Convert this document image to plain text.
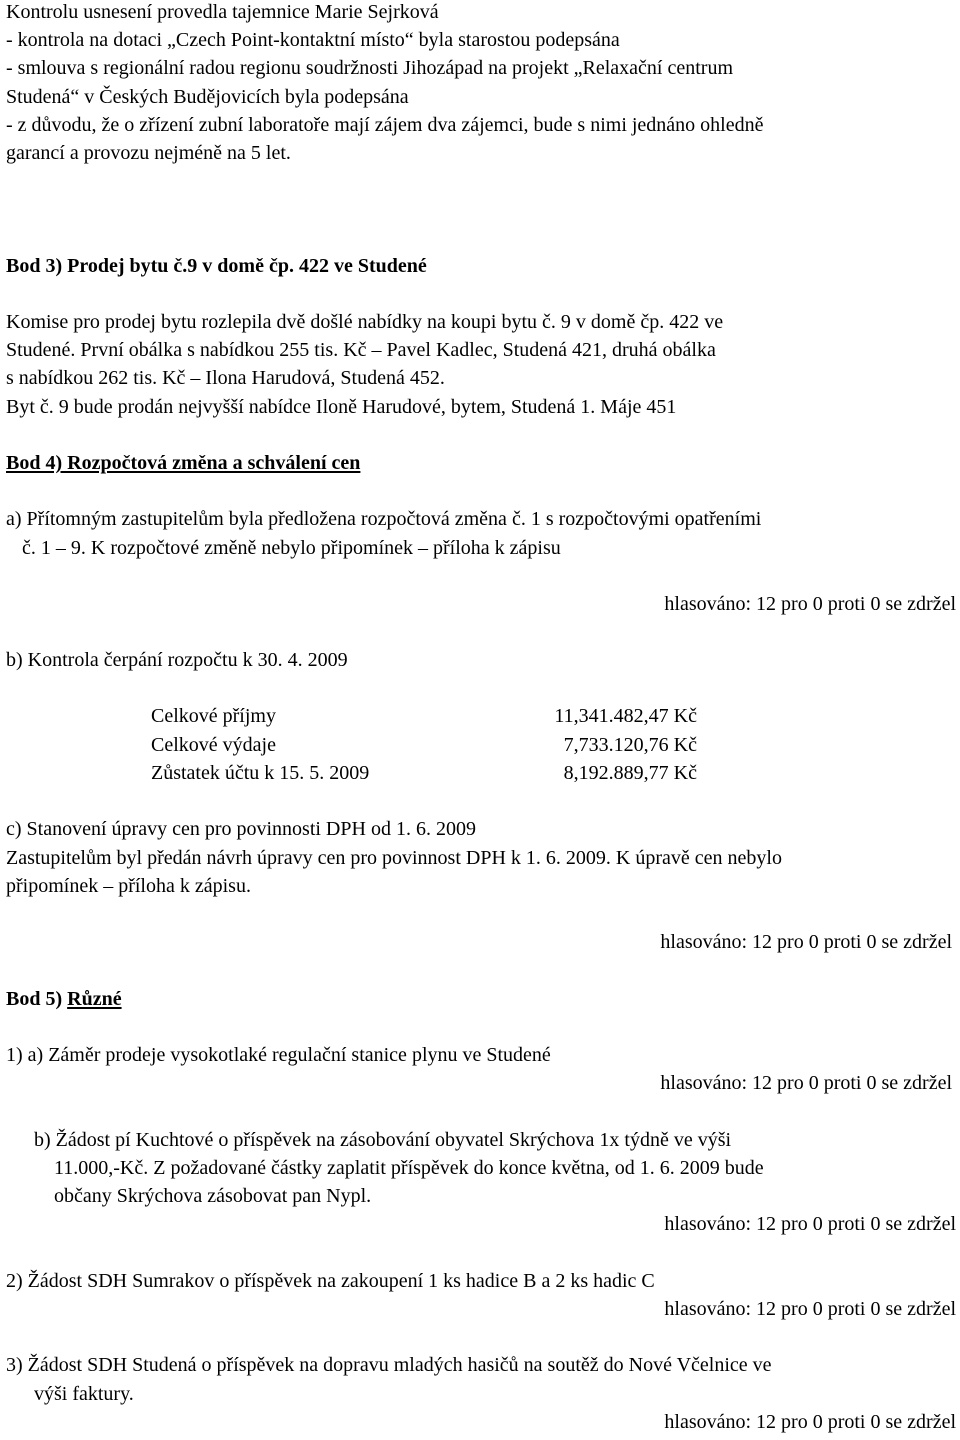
Kontrolu usnesení provedla tajemnice Marie Sejrková
- kontrola na dotaci „Czech Point-kontaktní místo“ byla starostou podepsána
- smlouva s regionální radou regionu soudržnosti Jihozápad na projekt „Relaxační centrum
Studená“ v Českých Budějovicích byla podepsána
- z důvodu, že o zřízení zubní laboratoře mají zájem dva zájemci, bude s nimi jednáno ohledně
garancí a provozu nejméně na 5 let.
Bod 3) Prodej bytu č.9 v domě čp. 422 ve Studené
Komise pro prodej bytu rozlepila dvě došlé nabídky na koupi bytu č. 9 v domě čp. 422 ve
Studené. První obálka s nabídkou 255 tis. Kč – Pavel Kadlec, Studená 421, druhá obálka
s nabídkou 262 tis. Kč – Ilona Harudová, Studená 452.
Byt č. 9 bude prodán nejvyšší nabídce Iloně Harudové, bytem, Studená 1. Máje 451
Bod 4) Rozpočtová změna a schválení cen
a) Přítomným zastupitelům byla předložena rozpočtová změna č. 1 s rozpočtovými opatřeními
č. 1 – 9. K rozpočtové změně nebylo připomínek – příloha k zápisu
hlasováno: 12 pro 0 proti 0 se zdržel
b) Kontrola čerpání rozpočtu k 30. 4. 2009
Celkové příjmy	11,341.482,47 Kč
Celkové výdaje	7,733.120,76 Kč
Zůstatek účtu k 15. 5. 2009	8,192.889,77 Kč
c) Stanovení úpravy cen pro povinnosti DPH od 1. 6. 2009
Zastupitelům byl předán návrh úpravy cen pro povinnost DPH k 1. 6. 2009. K úpravě cen nebylo
připomínek – příloha k zápisu.
hlasováno: 12 pro 0 proti 0 se zdržel
Bod 5) Různé
1) a) Záměr prodeje vysokotlaké regulační stanice plynu ve Studené
hlasováno: 12 pro 0 proti 0 se zdržel
b) Žádost pí Kuchtové o příspěvek na zásobování obyvatel Skrýchova 1x týdně ve výši
11.000,-Kč. Z požadované částky zaplatit příspěvek do konce května, od 1. 6. 2009 bude
občany Skrýchova zásobovat pan Nypl.
hlasováno: 12 pro 0 proti 0 se zdržel
2) Žádost SDH Sumrakov o příspěvek na zakoupení 1 ks hadice B a 2 ks hadic C
hlasováno: 12 pro 0 proti 0 se zdržel
3) Žádost SDH Studená o příspěvek na dopravu mladých hasičů na soutěž do Nové Včelnice ve
výši faktury.
hlasováno: 12 pro 0 proti 0 se zdržel
